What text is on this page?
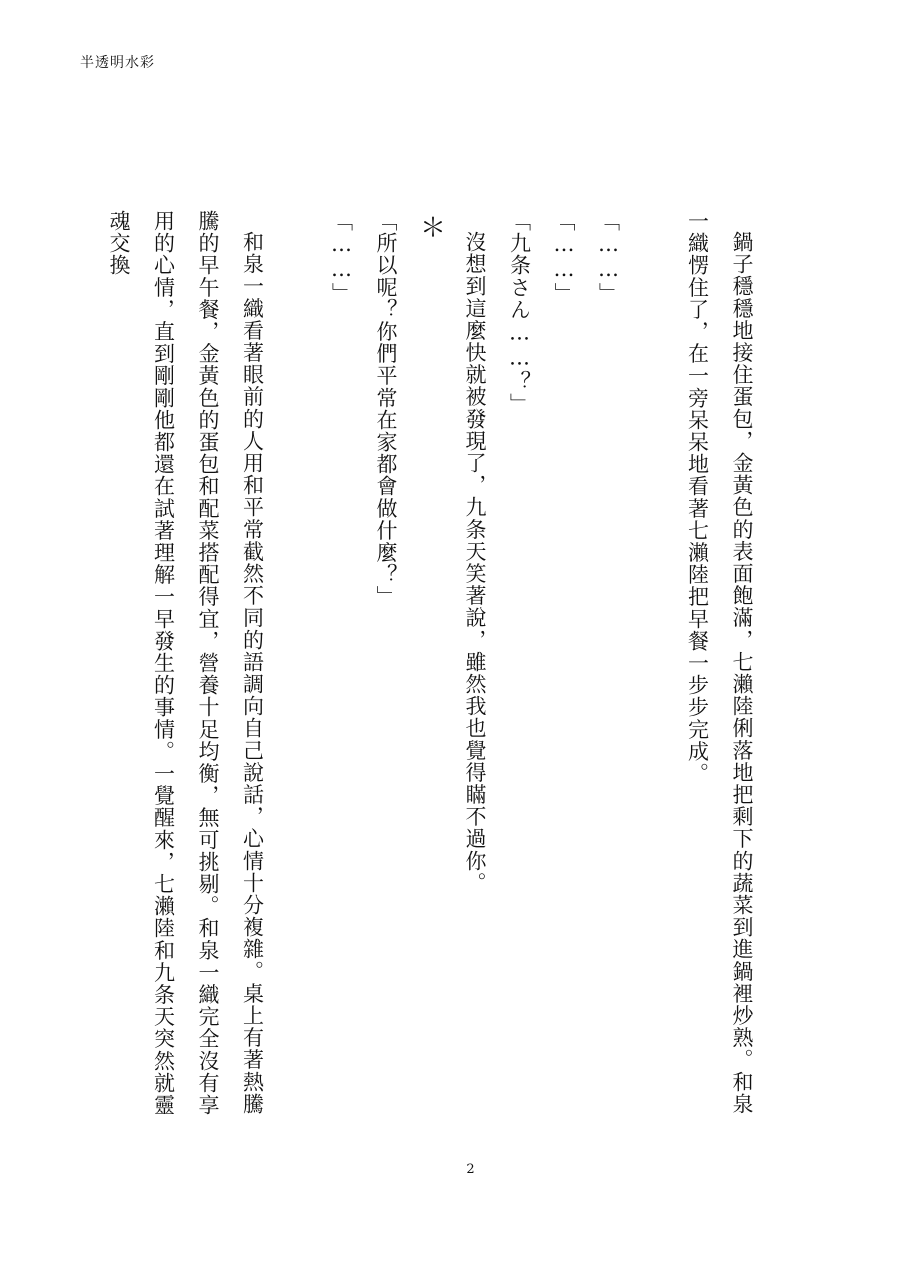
半透明水彩

鍋子穩穩地接住蛋包，金黃色的表面飽滿，七瀨陸俐落地把剩下的蔬菜到進鍋裡炒熟。和泉一織愣住了，在一旁呆呆地看著七瀨陸把早餐一步步完成。

「……」

「……」

「九条さん……？」

沒想到這麼快就被發現了，九条天笑著說，雖然我也覺得瞞不過你。

＊

「所以呢？你們平常在家都會做什麼？」

「……」

和泉一織看著眼前的人用和平常截然不同的語調向自己說話，心情十分複雜。桌上有著熱騰騰的早午餐，金黃色的蛋包和配菜搭配得宜，營養十足均衡，無可挑剔。和泉一織完全沒有享用的心情，直到剛剛他都還在試著理解一早發生的事情。一覺醒來，七瀨陸和九条天突然就靈魂交換

2
